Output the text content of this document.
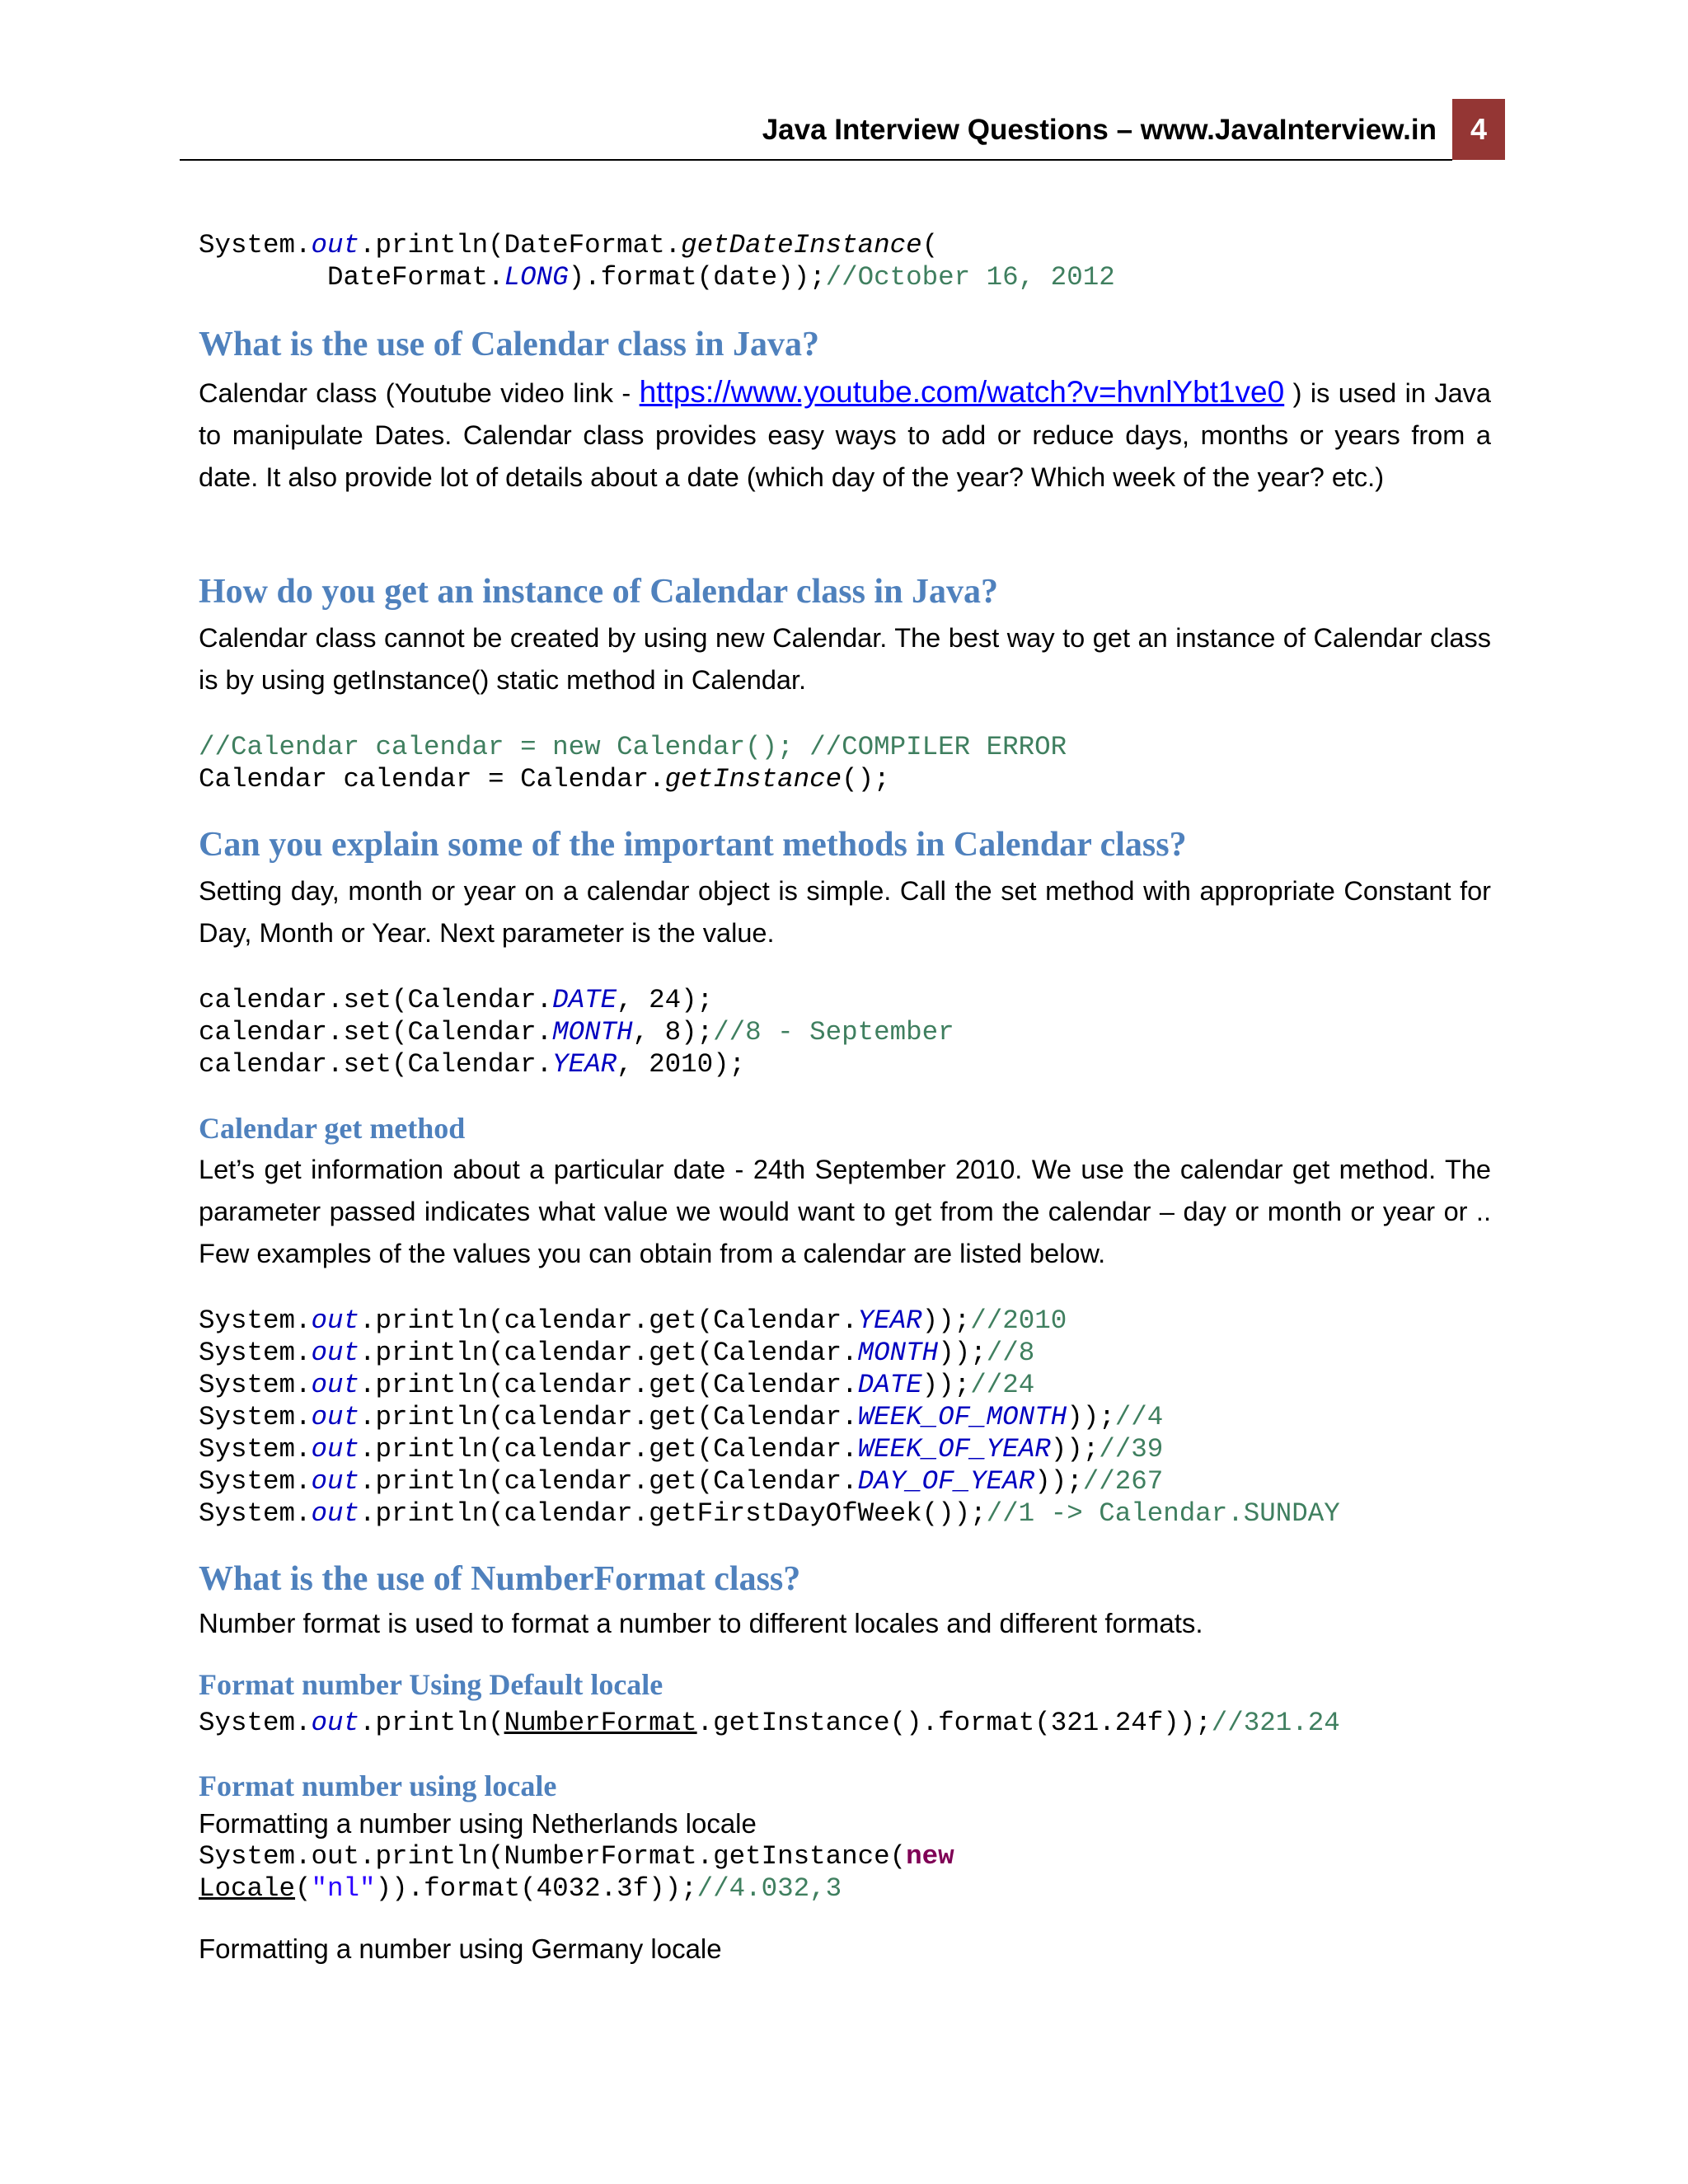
Java Interview Questions – www.JavaInterview.in	4
System.out.println(DateFormat.getDateInstance(
DateFormat.LONG).format(date));//October 16, 2012
What is the use of Calendar class in Java?
Calendar class (Youtube video link - https://www.youtube.com/watch?v=hvnlYbt1ve0 ) is used in Java to manipulate Dates. Calendar class provides easy ways to add or reduce days, months or years from a date. It also provide lot of details about a date (which day of the year? Which week of the year? etc.)
How do you get an instance of Calendar class in Java?
Calendar class cannot be created by using new Calendar. The best way to get an instance of Calendar class is by using getInstance() static method in Calendar.
//Calendar calendar = new Calendar(); //COMPILER ERROR
Calendar calendar = Calendar.getInstance();
Can you explain some of the important methods in Calendar class?
Setting day, month or year on a calendar object is simple. Call the set method with appropriate Constant for Day, Month or Year. Next parameter is the value.
calendar.set(Calendar.DATE, 24);
calendar.set(Calendar.MONTH, 8);//8 - September
calendar.set(Calendar.YEAR, 2010);
Calendar get method
Let’s get information about a particular date - 24th September 2010. We use the calendar get method. The parameter passed indicates what value we would want to get from the calendar – day or month or year or .. Few examples of the values you can obtain from a calendar are listed below.
System.out.println(calendar.get(Calendar.YEAR));//2010
System.out.println(calendar.get(Calendar.MONTH));//8
System.out.println(calendar.get(Calendar.DATE));//24
System.out.println(calendar.get(Calendar.WEEK_OF_MONTH));//4
System.out.println(calendar.get(Calendar.WEEK_OF_YEAR));//39
System.out.println(calendar.get(Calendar.DAY_OF_YEAR));//267
System.out.println(calendar.getFirstDayOfWeek());//1 -> Calendar.SUNDAY
What is the use of NumberFormat class?
Number format is used to format a number to different locales and different formats.
Format number Using Default locale
System.out.println(NumberFormat.getInstance().format(321.24f));//321.24
Format number using locale
Formatting a number using Netherlands locale
System.out.println(NumberFormat.getInstance(new
Locale("nl")).format(4032.3f));//4.032,3
Formatting a number using Germany locale
